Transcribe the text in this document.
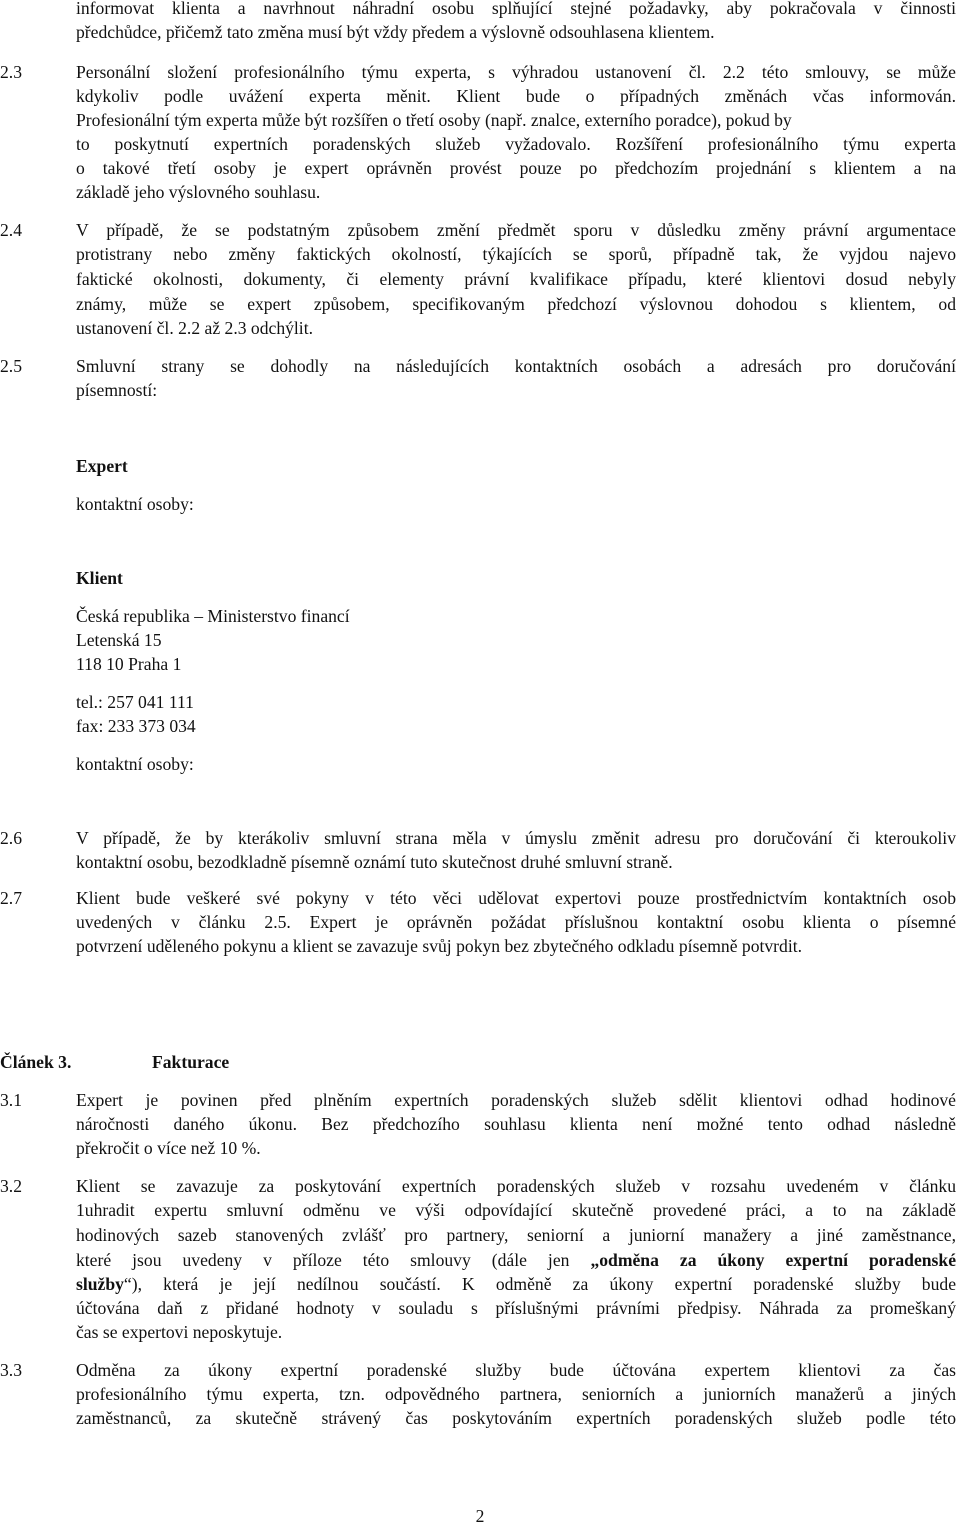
informovat klienta a navrhnout náhradní osobu splňující stejné požadavky, aby pokračovala v činnosti
předchůdce, přičemž tato změna musí být vždy předem a výslovně odsouhlasena klientem.
2.3	Personální složení profesionálního týmu experta, s výhradou ustanovení čl. 2.2 této smlouvy, se může
kdykoliv podle uvážení experta měnit. Klient bude o případných změnách včas informován.
Profesionální tým experta může být rozšířen o třetí osoby (např. znalce, externího poradce), pokud by
to poskytnutí expertních poradenských služeb vyžadovalo. Rozšíření profesionálního týmu experta
o takové třetí osoby je expert oprávněn provést pouze po předchozím projednání s klientem a na
základě jeho výslovného souhlasu.
2.4	V případě, že se podstatným způsobem změní předmět sporu v důsledku změny právní argumentace
protistrany nebo změny faktických okolností, týkajících se sporů, případně tak, že vyjdou najevo
faktické okolnosti, dokumenty, či elementy právní kvalifikace případu, které klientovi dosud nebyly
známy, může se expert způsobem, specifikovaným předchozí výslovnou dohodou s klientem, od
ustanovení čl. 2.2 až 2.3 odchýlit.
2.5	Smluvní strany se dohodly na následujících kontaktních osobách a adresách pro doručování
písemností:
Expert
kontaktní osoby:
Klient
Česká republika – Ministerstvo financí
Letenská 15
118 10 Praha 1
tel.: 257 041 111
fax: 233 373 034
kontaktní osoby:
2.6	V případě, že by kterákoliv smluvní strana měla v úmyslu změnit adresu pro doručování či kteroukoliv
kontaktní osobu, bezodkladně písemně oznámí tuto skutečnost druhé smluvní straně.
2.7	Klient bude veškeré své pokyny v této věci udělovat expertovi pouze prostřednictvím kontaktních osob
uvedených v článku 2.5. Expert je oprávněn požádat příslušnou kontaktní osobu klienta o písemné
potvrzení uděleného pokynu a klient se zavazuje svůj pokyn bez zbytečného odkladu písemně potvrdit.
Článek 3.	Fakturace
3.1	Expert je povinen před plněním expertních poradenských služeb sdělit klientovi odhad hodinové
náročnosti daného úkonu. Bez předchozího souhlasu klienta není možné tento odhad následně
překročit o více než 10 %.
3.2	Klient se zavazuje za poskytování expertních poradenských služeb v rozsahu uvedeném v článku
1uhradit expertu smluvní odměnu ve výši odpovídající skutečně provedené práci, a to na základě
hodinových sazeb stanovených zvlášť pro partnery, seniorní a juniorní manažery a jiné zaměstnance,
které jsou uvedeny v příloze této smlouvy (dále jen „odměna za úkony expertní poradenské
služby“), která je její nedílnou součástí. K odměně za úkony expertní poradenské služby bude
účtována daň z přidané hodnoty v souladu s příslušnými právními předpisy. Náhrada za promeškaný
čas se expertovi neposkytuje.
3.3	Odměna za úkony expertní poradenské služby bude účtována expertem klientovi za čas
profesionálního týmu experta, tzn. odpovědného partnera, seniorních a juniorních manažerů a jiných
zaměstnanců, za skutečně strávený čas poskytováním expertních poradenských služeb podle této
2
